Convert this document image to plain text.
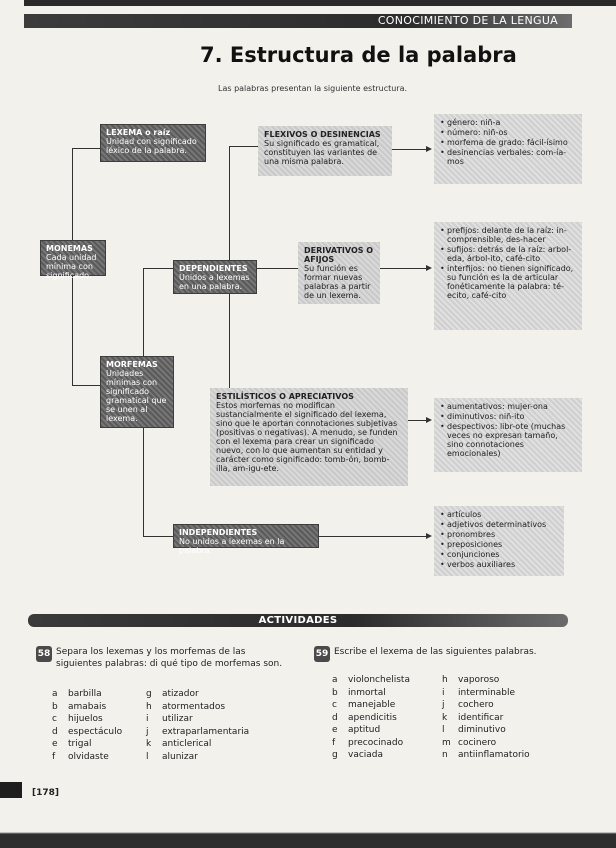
CONOCIMIENTO DE LA LENGUA
7. Estructura de la palabra
Las palabras presentan la siguiente estructura.
MONEMAS
Cada unidad mínima con significado.
LEXEMA o raíz
Unidad con significado léxico de la palabra.
MORFEMAS
Unidades mínimas con significado gramatical que se unen al lexema.
DEPENDIENTES
Unidos a lexemas en una palabra.
INDEPENDIENTES
No unidos a lexemas en la palabra.
FLEXIVOS O DESINENCIAS
Su significado es gramatical, constituyen las variantes de una misma palabra.
DERIVATIVOS O AFIJOS
Su función es formar nuevas palabras a partir de un lexema.
ESTILÍSTICOS O APRECIATIVOS
Estos morfemas no modifican sustancialmente el significado del lexema, sino que le aportan connotaciones subjetivas (positivas o negativas). A menudo, se funden con el lexema para crear un significado nuevo, con lo que aumentan su entidad y carácter como significado: tomb-ón, bomb-illa, am-igu-ete.
• género: niñ-a
• número: niñ-os
• morfema de grado: fácil-ísimo
• desinencias verbales: com-ía-mos
• prefijos: delante de la raíz: in-comprensible, des-hacer
• sufijos: detrás de la raíz: arbol-eda, árbol-ito, café-cito
• interfijos: no tienen significado, su función es la de articular fonéticamente la palabra: té-ecito, café-cito
• aumentativos: mujer-ona
• diminutivos: niñ-ito
• despectivos: libr-ote (muchas veces no expresan tamaño, sino connotaciones emocionales)
• artículos
• adjetivos determinativos
• pronombres
• preposiciones
• conjunciones
• verbos auxiliares
ACTIVIDADES
58 Separa los lexemas y los morfemas de las siguientes palabras: di qué tipo de morfemas son.
a barbilla
b amabais
c hijuelos
d espectáculo
e trigal
f olvidaste
g atizador
h atormentados
i utilizar
j extraparlamentaria
k anticlerical
l alunizar
59 Escribe el lexema de las siguientes palabras.
a violonchelista
b inmortal
c manejable
d apendicitis
e aptitud
f precocinado
g vaciada
h vaporoso
i interminable
j cochero
k identificar
l diminutivo
m cocinero
n antiinflamatorio
[178]
